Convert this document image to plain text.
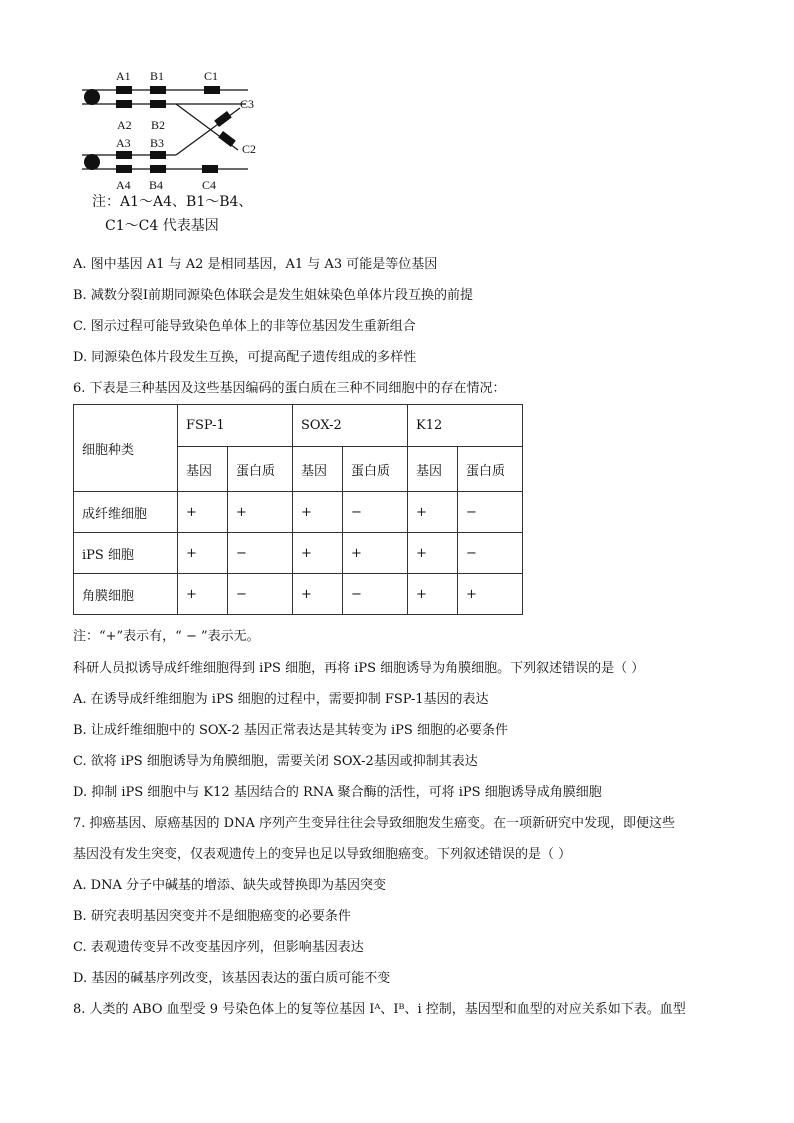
A1 B1	C1
C3
A2 B2
A3 B3	C2
A4 B4	C4
注：A1～A4、B1～B4、
C1～C4 代表基因
A. 图中基因 A1 与 A2 是相同基因，A1 与 A3 可能是等位基因
B. 减数分裂Ⅰ前期同源染色体联会是发生姐妹染色单体片段互换的前提
C. 图示过程可能导致染色单体上的非等位基因发生重新组合
D. 同源染色体片段发生互换，可提高配子遗传组成的多样性
6. 下表是三种基因及这些基因编码的蛋白质在三种不同细胞中的存在情况：
细胞种类	FSP-1		SOX-2		K12	
	基因	蛋白质	基因	蛋白质	基因	蛋白质
成纤维细胞	+	+	+	−	+	−
iPS 细胞	+	−	+	+	+	−
角膜细胞	+	−	+	−	+	+
注：“+”表示有，“ − ”表示无。
科研人员拟诱导成纤维细胞得到 iPS 细胞，再将 iPS 细胞诱导为角膜细胞。下列叙述错误的是（ ）
A. 在诱导成纤维细胞为 iPS 细胞的过程中，需要抑制 FSP-1基因的表达
B. 让成纤维细胞中的 SOX-2 基因正常表达是其转变为 iPS 细胞的必要条件
C. 欲将 iPS 细胞诱导为角膜细胞，需要关闭 SOX-2基因或抑制其表达
D. 抑制 iPS 细胞中与 K12 基因结合的 RNA 聚合酶的活性，可将 iPS 细胞诱导成角膜细胞
7. 抑癌基因、原癌基因的 DNA 序列产生变异往往会导致细胞发生癌变。在一项新研究中发现，即便这些
基因没有发生突变，仅表观遗传上的变异也足以导致细胞癌变。下列叙述错误的是（ ）
A. DNA 分子中碱基的增添、缺失或替换即为基因突变
B. 研究表明基因突变并不是细胞癌变的必要条件
C. 表观遗传变异不改变基因序列，但影响基因表达
D. 基因的碱基序列改变，该基因表达的蛋白质可能不变
8. 人类的 ABO 血型受 9 号染色体上的复等位基因 Iᴬ、Iᴮ、i 控制，基因型和血型的对应关系如下表。血型
